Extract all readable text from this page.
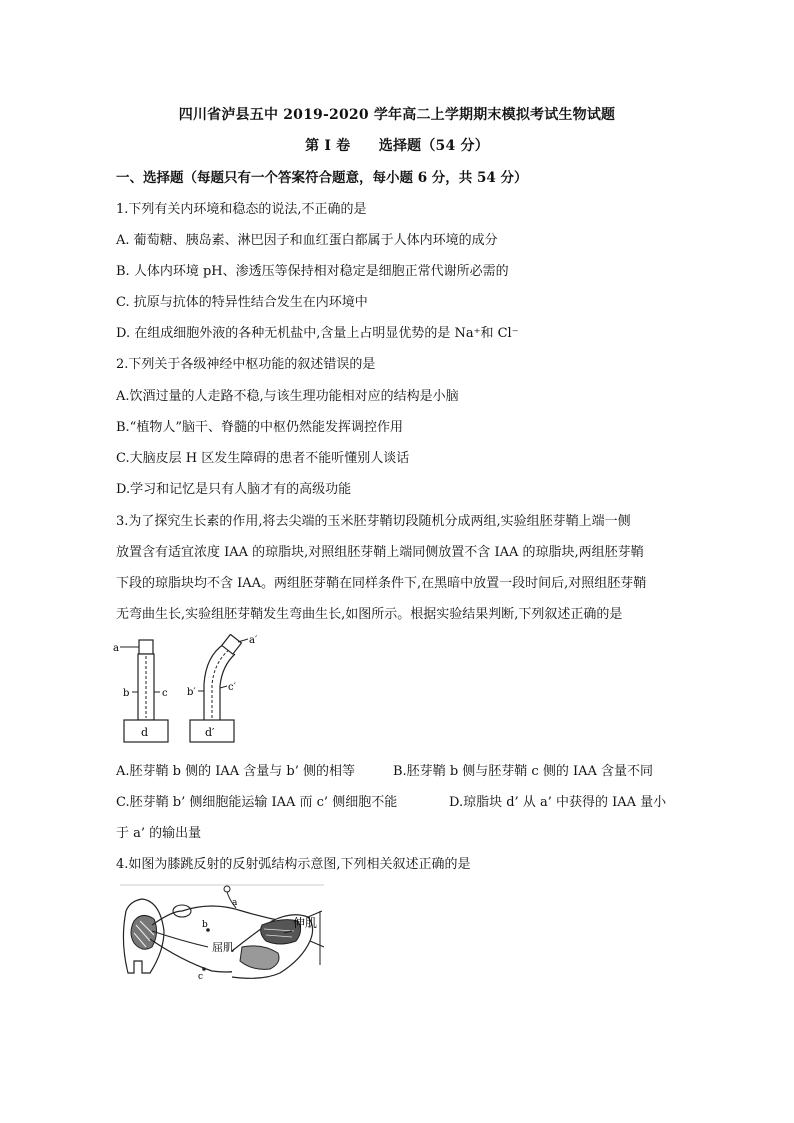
四川省泸县五中 2019-2020 学年高二上学期期末模拟考试生物试题
第 I 卷　　选择题（54 分）
一、选择题（每题只有一个答案符合题意，每小题 6 分，共 54 分）
1.下列有关内环境和稳态的说法,不正确的是
A. 葡萄糖、胰岛素、淋巴因子和血红蛋白都属于人体内环境的成分
B. 人体内环境 pH、渗透压等保持相对稳定是细胞正常代谢所必需的
C. 抗原与抗体的特异性结合发生在内环境中
D. 在组成细胞外液的各种无机盐中,含量上占明显优势的是 Na⁺和 Cl⁻
2.下列关于各级神经中枢功能的叙述错误的是
A.饮酒过量的人走路不稳,与该生理功能相对应的结构是小脑
B.“植物人”脑干、脊髓的中枢仍然能发挥调控作用
C.大脑皮层 H 区发生障碍的患者不能听懂别人谈话
D.学习和记忆是只有人脑才有的高级功能
3.为了探究生长素的作用,将去尖端的玉米胚芽鞘切段随机分成两组,实验组胚芽鞘上端一侧
放置含有适宜浓度 IAA 的琼脂块,对照组胚芽鞘上端同侧放置不含 IAA 的琼脂块,两组胚芽鞘
下段的琼脂块均不含 IAA。两组胚芽鞘在同样条件下,在黑暗中放置一段时间后,对照组胚芽鞘
无弯曲生长,实验组胚芽鞘发生弯曲生长,如图所示。根据实验结果判断,下列叙述正确的是
a
b	c
d
a′
b′	c′
d′
A.胚芽鞘 b 侧的 IAA 含量与 b’ 侧的相等	B.胚芽鞘 b 侧与胚芽鞘 c 侧的 IAA 含量不同
C.胚芽鞘 b’ 侧细胞能运输 IAA 而 c’ 侧细胞不能	D.琼脂块 d’ 从 a’ 中获得的 IAA 量小
于 a’ 的输出量
4.如图为膝跳反射的反射弧结构示意图,下列相关叙述正确的是
a
b
c
屈肌
伸肌
